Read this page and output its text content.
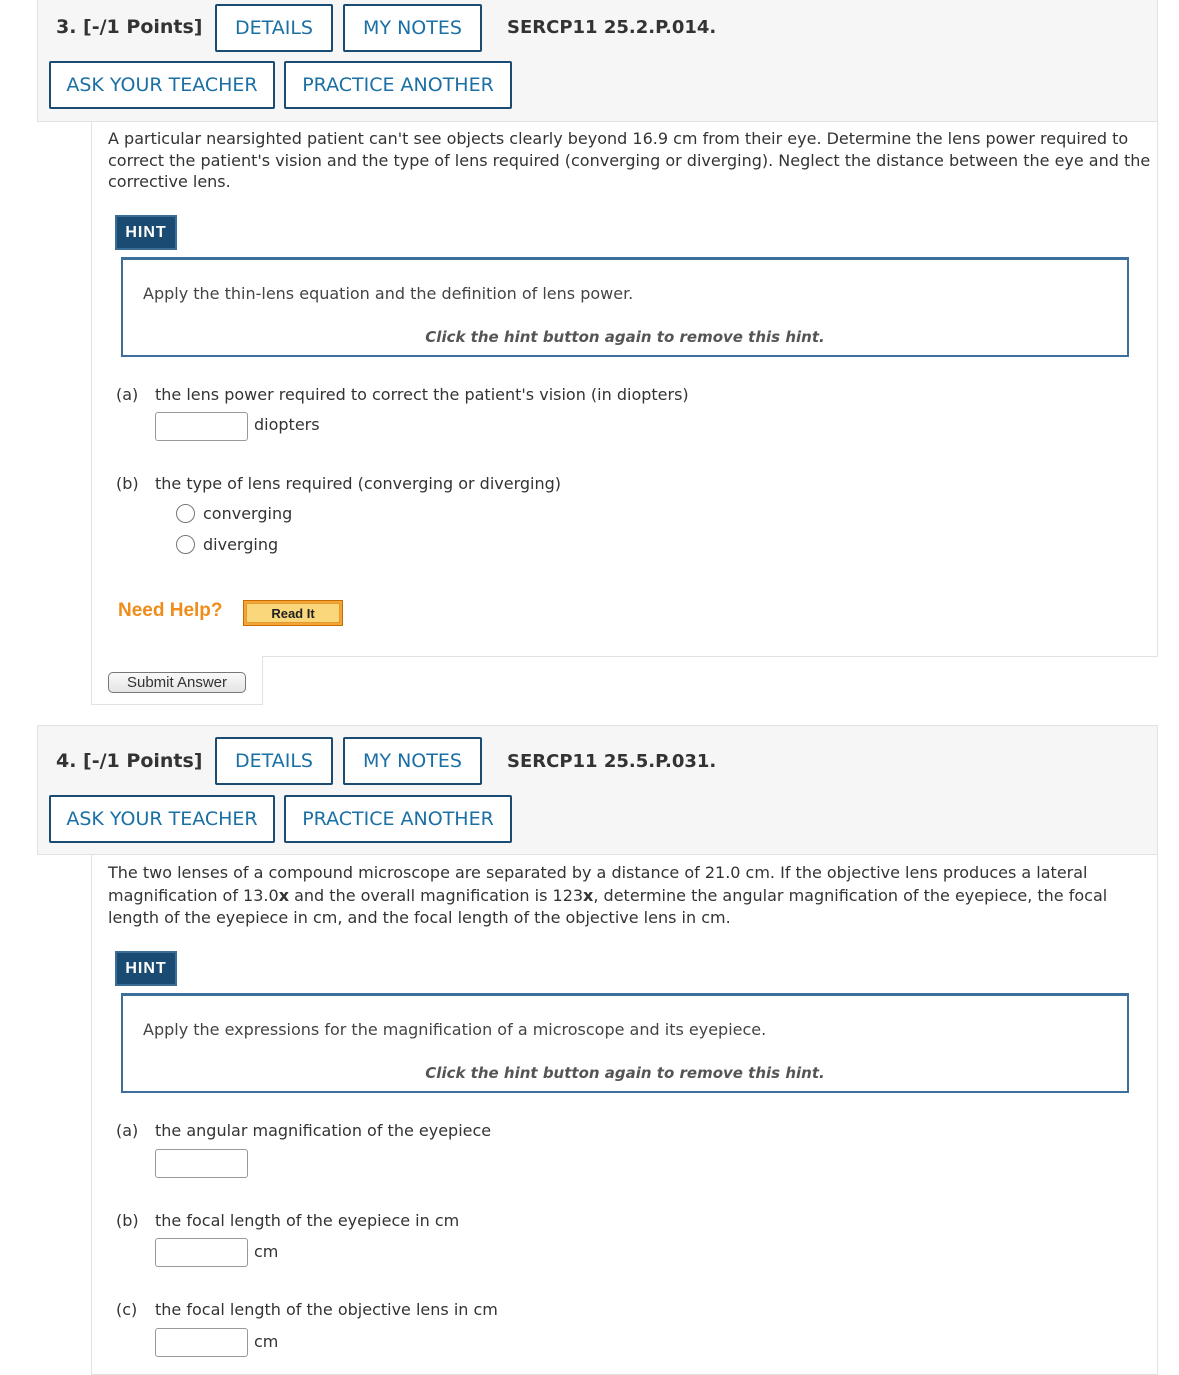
3. [-/1 Points]	DETAILS	MY NOTES	SERCP11 25.2.P.014.
ASK YOUR TEACHER	PRACTICE ANOTHER
A particular nearsighted patient can't see objects clearly beyond 16.9 cm from their eye. Determine the lens power required to correct the patient's vision and the type of lens required (converging or diverging). Neglect the distance between the eye and the corrective lens.
HINT
Apply the thin-lens equation and the definition of lens power.
Click the hint button again to remove this hint.
(a) the lens power required to correct the patient's vision (in diopters)
diopters
(b) the type of lens required (converging or diverging)
converging
diverging
Need Help?	Read It
Submit Answer
4. [-/1 Points]	DETAILS	MY NOTES	SERCP11 25.5.P.031.
ASK YOUR TEACHER	PRACTICE ANOTHER
The two lenses of a compound microscope are separated by a distance of 21.0 cm. If the objective lens produces a lateral magnification of 13.0x and the overall magnification is 123x, determine the angular magnification of the eyepiece, the focal length of the eyepiece in cm, and the focal length of the objective lens in cm.
HINT
Apply the expressions for the magnification of a microscope and its eyepiece.
Click the hint button again to remove this hint.
(a) the angular magnification of the eyepiece
(b) the focal length of the eyepiece in cm
cm
(c) the focal length of the objective lens in cm
cm
